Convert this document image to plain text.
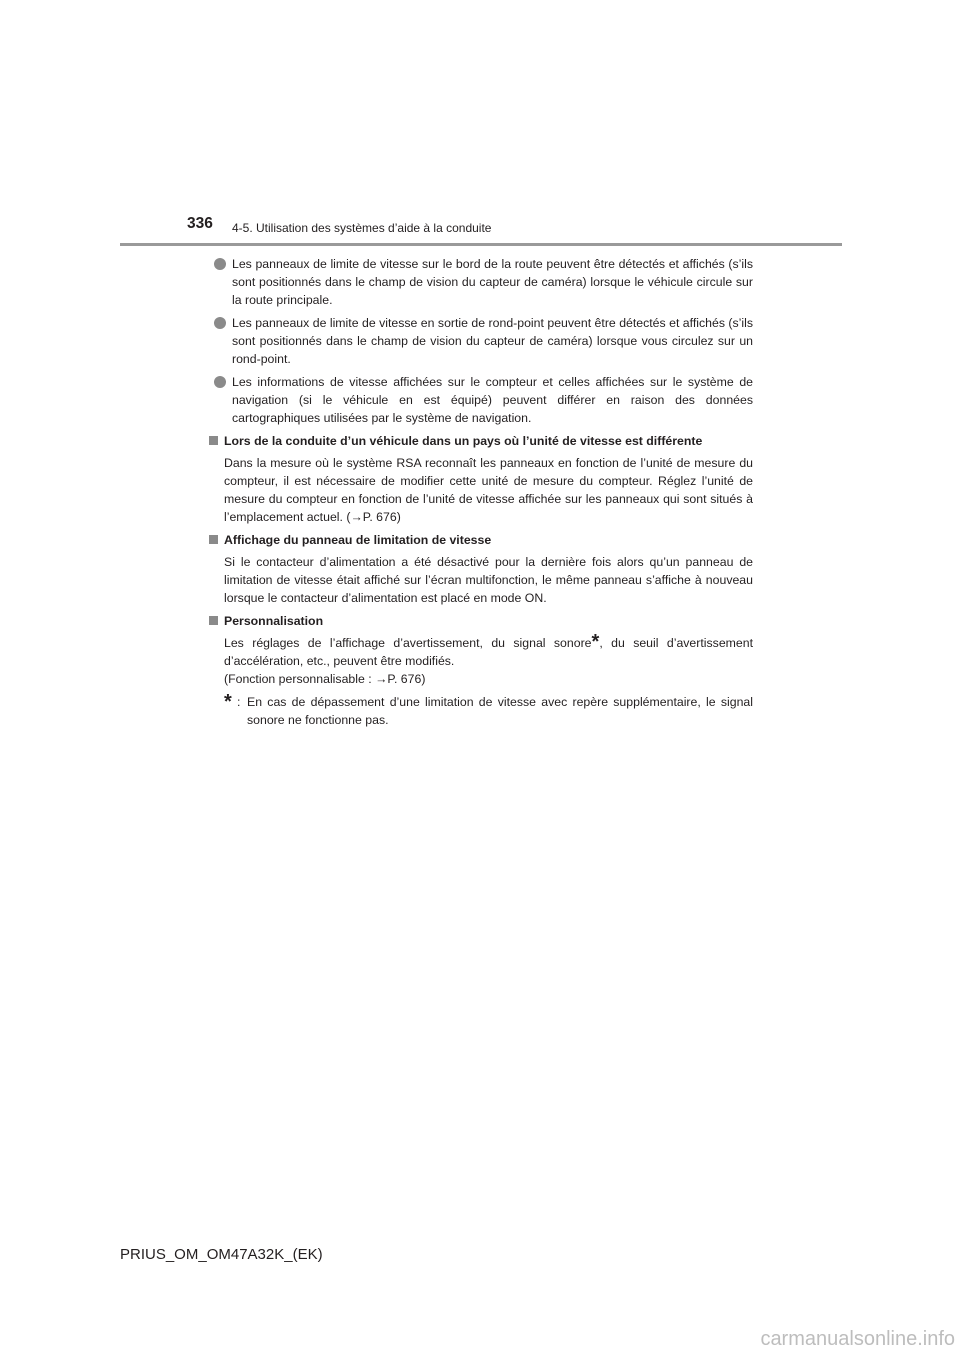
336 4-5. Utilisation des systèmes d’aide à la conduite
Les panneaux de limite de vitesse sur le bord de la route peuvent être détectés et affichés (s’ils sont positionnés dans le champ de vision du capteur de caméra) lorsque le véhicule circule sur la route principale.
Les panneaux de limite de vitesse en sortie de rond-point peuvent être détectés et affichés (s’ils sont positionnés dans le champ de vision du capteur de caméra) lorsque vous circulez sur un rond-point.
Les informations de vitesse affichées sur le compteur et celles affichées sur le système de navigation (si le véhicule en est équipé) peuvent différer en raison des données cartographiques utilisées par le système de navigation.
Lors de la conduite d’un véhicule dans un pays où l’unité de vitesse est différente
Dans la mesure où le système RSA reconnaît les panneaux en fonction de l’unité de mesure du compteur, il est nécessaire de modifier cette unité de mesure du compteur. Réglez l’unité de mesure du compteur en fonction de l’unité de vitesse affichée sur les panneaux qui sont situés à l’emplacement actuel. (→P. 676)
Affichage du panneau de limitation de vitesse
Si le contacteur d’alimentation a été désactivé pour la dernière fois alors qu’un panneau de limitation de vitesse était affiché sur l’écran multifonction, le même panneau s’affiche à nouveau lorsque le contacteur d’alimentation est placé en mode ON.
Personnalisation
Les réglages de l’affichage d’avertissement, du signal sonore*, du seuil d’avertissement d’accélération, etc., peuvent être modifiés.
(Fonction personnalisable : →P. 676)
* : En cas de dépassement d’une limitation de vitesse avec repère supplémentaire, le signal sonore ne fonctionne pas.
PRIUS_OM_OM47A32K_(EK)
carmanualsonline.info
